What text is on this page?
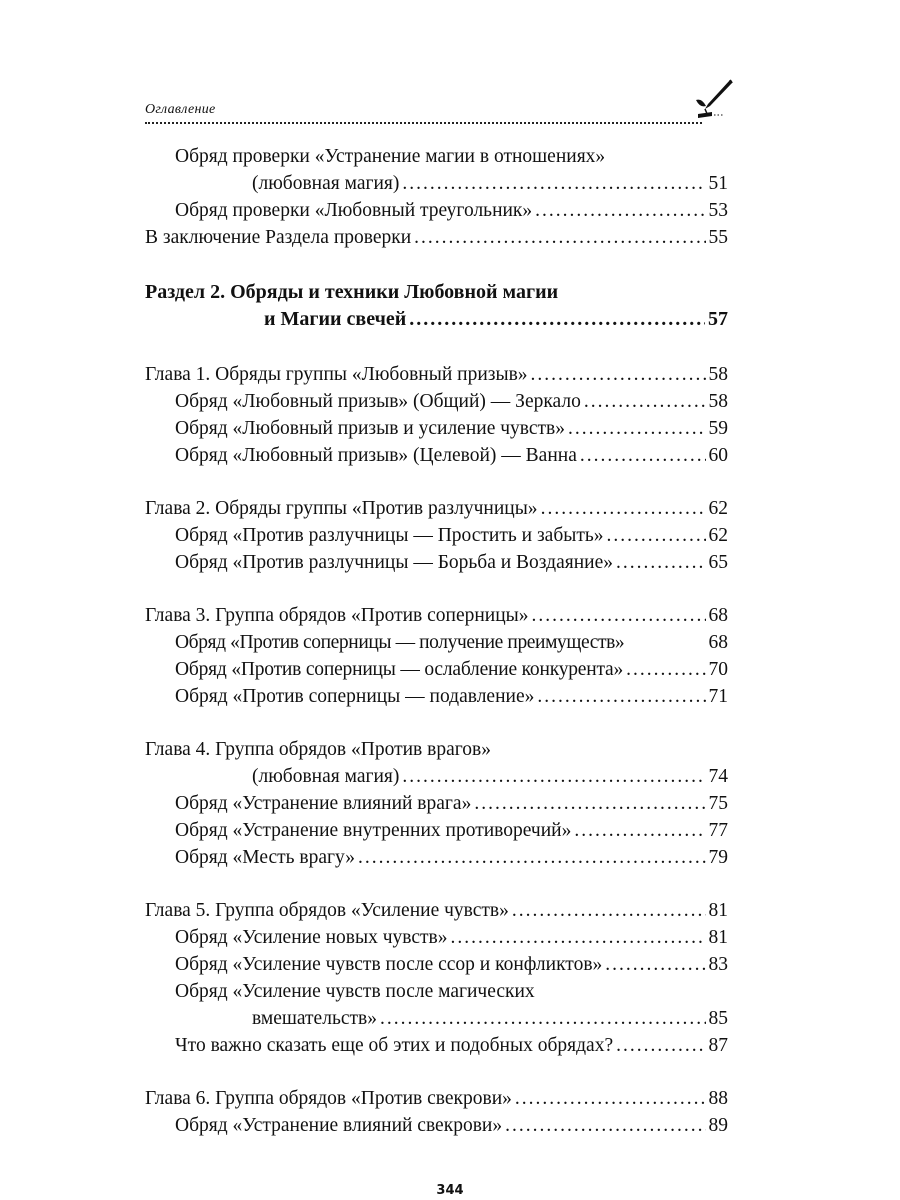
Оглавление
Обряд проверки «Устранение магии в отношениях»
(любовная магия) .....	51
Обряд проверки «Любовный треугольник» .....	53
В заключение Раздела проверки .....	55
Раздел 2. Обряды и техники Любовной магии
и Магии свечей .....	57
Глава 1. Обряды группы «Любовный призыв» .....	58
Обряд «Любовный призыв» (Общий) — Зеркало .....	58
Обряд «Любовный призыв и усиление чувств» .....	59
Обряд «Любовный призыв» (Целевой) — Ванна .....	60
Глава 2. Обряды группы «Против разлучницы» .....	62
Обряд «Против разлучницы — Простить и забыть» .....	62
Обряд «Против разлучницы — Борьба и Воздаяние» .....	65
Глава 3. Группа обрядов «Против соперницы» .....	68
Обряд «Против соперницы — получение преимуществ»	68
Обряд «Против соперницы — ослабление конкурента» .....	70
Обряд «Против соперницы — подавление» .....	71
Глава 4. Группа обрядов «Против врагов»
(любовная магия) .....	74
Обряд «Устранение влияний врага» .....	75
Обряд «Устранение внутренних противоречий» .....	77
Обряд «Месть врагу» .....	79
Глава 5. Группа обрядов «Усиление чувств» .....	81
Обряд «Усиление новых чувств» .....	81
Обряд «Усиление чувств после ссор и конфликтов» .....	83
Обряд «Усиление чувств после магических
вмешательств» .....	85
Что важно сказать еще об этих и подобных обрядах? .....	87
Глава 6. Группа обрядов «Против свекрови» .....	88
Обряд «Устранение влияний свекрови» .....	89
344
